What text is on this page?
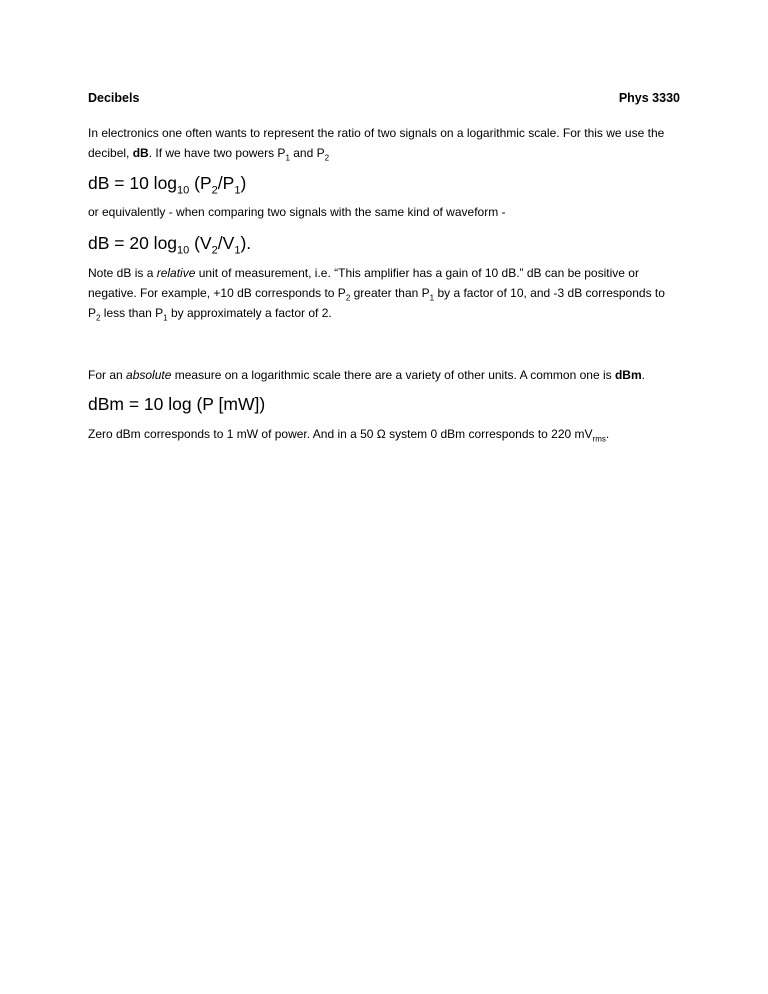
Decibels	Phys 3330

In electronics one often wants to represent the ratio of two signals on a logarithmic scale. For this we use the decibel, dB. If we have two powers $P_1$ and $P_2$

dB = 10 $\log_{10} (P_2/P_1)$

or equivalently - when comparing two signals with the same kind of waveform -

dB = 20 $\log_{10} (V_2/V_1)$.

Note dB is a relative unit of measurement, i.e. “This amplifier has a gain of 10 dB.” dB can be positive or negative. For example, +10 dB corresponds to $P_2$ greater than $P_1$ by a factor of 10, and -3 dB corresponds to $P_2$ less than $P_1$ by approximately a factor of 2.

For an absolute measure on a logarithmic scale there are a variety of other units. A common one is dBm.

dBm = 10 log (P [mW])

Zero dBm corresponds to 1 mW of power. And in a 50 Ω system 0 dBm corresponds to 220 $mV_{rms}$.
